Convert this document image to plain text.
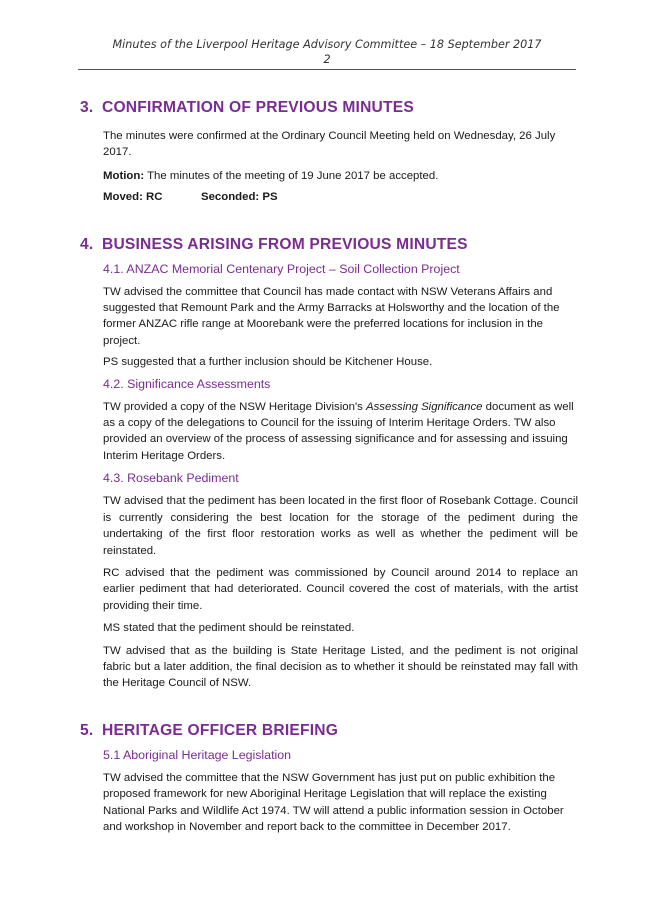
Minutes of the Liverpool Heritage Advisory Committee – 18 September 2017
2
3. CONFIRMATION OF PREVIOUS MINUTES

The minutes were confirmed at the Ordinary Council Meeting held on Wednesday, 26 July 2017.

Motion: The minutes of the meeting of 19 June 2017 be accepted.

Moved: RC	Seconded: PS

4. BUSINESS ARISING FROM PREVIOUS MINUTES
4.1. ANZAC Memorial Centenary Project – Soil Collection Project

TW advised the committee that Council has made contact with NSW Veterans Affairs and suggested that Remount Park and the Army Barracks at Holsworthy and the location of the former ANZAC rifle range at Moorebank were the preferred locations for inclusion in the project.

PS suggested that a further inclusion should be Kitchener House.

4.2. Significance Assessments

TW provided a copy of the NSW Heritage Division's Assessing Significance document as well as a copy of the delegations to Council for the issuing of Interim Heritage Orders. TW also provided an overview of the process of assessing significance and for assessing and issuing Interim Heritage Orders.

4.3. Rosebank Pediment

TW advised that the pediment has been located in the first floor of Rosebank Cottage. Council is currently considering the best location for the storage of the pediment during the undertaking of the first floor restoration works as well as whether the pediment will be reinstated.

RC advised that the pediment was commissioned by Council around 2014 to replace an earlier pediment that had deteriorated. Council covered the cost of materials, with the artist providing their time.

MS stated that the pediment should be reinstated.

TW advised that as the building is State Heritage Listed, and the pediment is not original fabric but a later addition, the final decision as to whether it should be reinstated may fall with the Heritage Council of NSW.

5. HERITAGE OFFICER BRIEFING
5.1 Aboriginal Heritage Legislation

TW advised the committee that the NSW Government has just put on public exhibition the proposed framework for new Aboriginal Heritage Legislation that will replace the existing National Parks and Wildlife Act 1974. TW will attend a public information session in October and workshop in November and report back to the committee in December 2017.
